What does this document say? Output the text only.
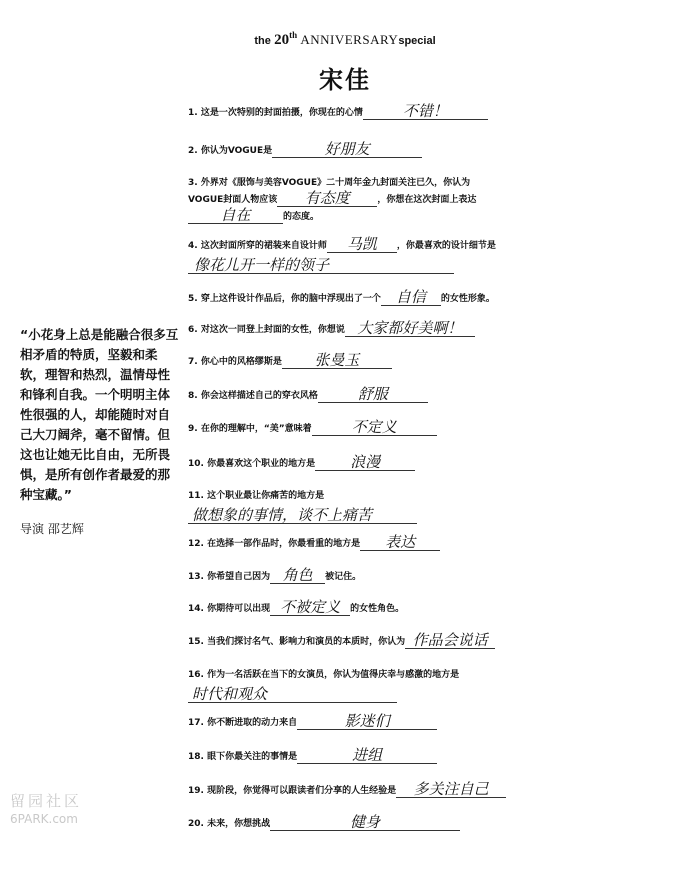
the 20th ANNIVERSARYspecial
宋佳
“小花身上总是能融合很多互相矛盾的特质，坚毅和柔软，理智和热烈，温情母性和锋利自我。一个明明主体性很强的人，却能随时对自己大刀阔斧，毫不留情。但这也让她无比自由，无所畏惧，是所有创作者最爱的那种宝藏。”
导演 邵艺辉
1. 这是一次特别的封面拍摄，你现在的心情	不错！
2. 你认为VOGUE是	好朋友
3. 外界对《服饰与美容VOGUE》二十周年金九封面关注已久，你认为
VOGUE封面人物应该 有态度	，你想在这次封面上表达
自在	的态度。
4. 这次封面所穿的裙装来自设计师 马凯 ，你最喜欢的设计细节是

像花儿开一样的领子
5. 穿上这件设计作品后，你的脑中浮现出了一个 自信 的女性形象。
6. 对这次一同登上封面的女性，你想说 大家都好美啊！
7. 你心中的风格缪斯是 张曼玉
8. 你会这样描述自己的穿衣风格	舒服
9. 在你的理解中，“美”意味着	不定义
10. 你最喜欢这个职业的地方是 浪漫
11. 这个职业最让你痛苦的地方是

做想象的事情，谈不上痛苦
12. 在选择一部作品时，你最看重的地方是 表达
13. 你希望自己因为 角色 被记住。
14. 你期待可以出现 不被定义 的女性角色。
15. 当我们探讨名气、影响力和演员的本质时，你认为 作品会说话
16. 作为一名活跃在当下的女演员，你认为值得庆幸与感激的地方是

时代和观众
17. 你不断进取的动力来自	影迷们
18. 眼下你最关注的事情是	进组
19. 现阶段，你觉得可以跟读者们分享的人生经验是 多关注自己
20. 未来，你想挑战	健身
留园社区
6PARK.com
